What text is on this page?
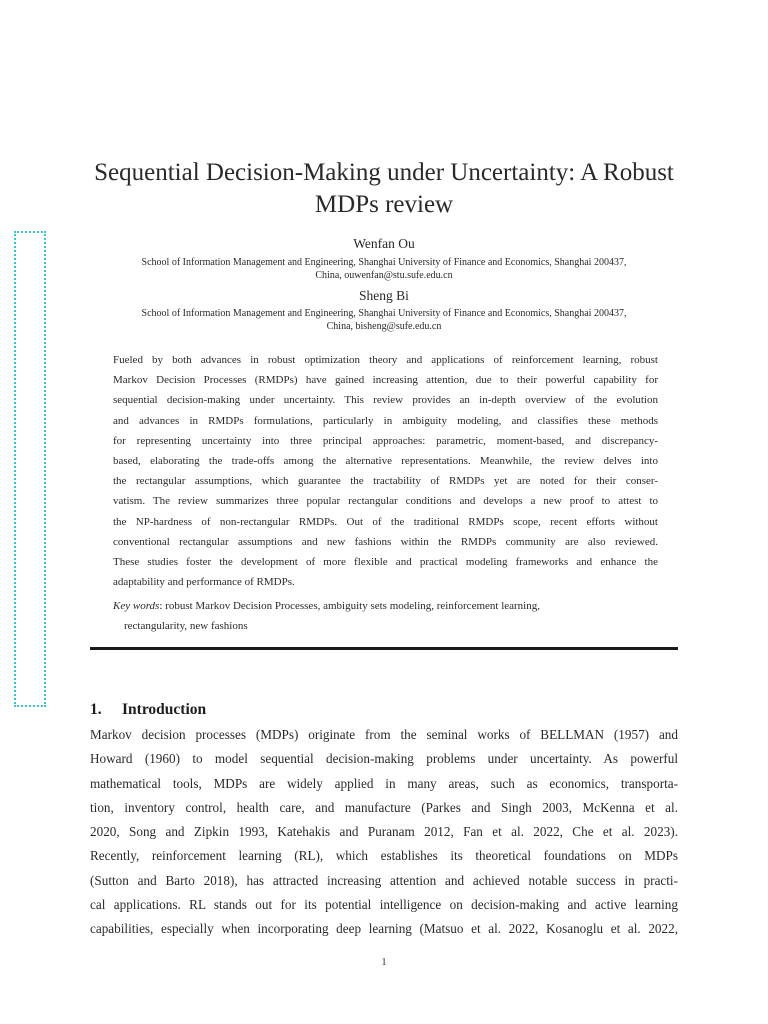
Sequential Decision-Making under Uncertainty: A Robust
MDPs review
Wenfan Ou
School of Information Management and Engineering, Shanghai University of Finance and Economics, Shanghai 200437,
China, ouwenfan@stu.sufe.edu.cn
Sheng Bi
School of Information Management and Engineering, Shanghai University of Finance and Economics, Shanghai 200437,
China, bisheng@sufe.edu.cn
Fueled by both advances in robust optimization theory and applications of reinforcement learning, robust
Markov Decision Processes (RMDPs) have gained increasing attention, due to their powerful capability for
sequential decision-making under uncertainty. This review provides an in-depth overview of the evolution
and advances in RMDPs formulations, particularly in ambiguity modeling, and classifies these methods
for representing uncertainty into three principal approaches: parametric, moment-based, and discrepancy-
based, elaborating the trade-offs among the alternative representations. Meanwhile, the review delves into
the rectangular assumptions, which guarantee the tractability of RMDPs yet are noted for their conser-
vatism. The review summarizes three popular rectangular conditions and develops a new proof to attest to
the NP-hardness of non-rectangular RMDPs. Out of the traditional RMDPs scope, recent efforts without
conventional rectangular assumptions and new fashions within the RMDPs community are also reviewed.
These studies foster the development of more flexible and practical modeling frameworks and enhance the
adaptability and performance of RMDPs.
Key words: robust Markov Decision Processes, ambiguity sets modeling, reinforcement learning,
rectangularity, new fashions
1. Introduction
Markov decision processes (MDPs) originate from the seminal works of BELLMAN (1957) and
Howard (1960) to model sequential decision-making problems under uncertainty. As powerful
mathematical tools, MDPs are widely applied in many areas, such as economics, transporta-
tion, inventory control, health care, and manufacture (Parkes and Singh 2003, McKenna et al.
2020, Song and Zipkin 1993, Katehakis and Puranam 2012, Fan et al. 2022, Che et al. 2023).
Recently, reinforcement learning (RL), which establishes its theoretical foundations on MDPs
(Sutton and Barto 2018), has attracted increasing attention and achieved notable success in practi-
cal applications. RL stands out for its potential intelligence on decision-making and active learning
capabilities, especially when incorporating deep learning (Matsuo et al. 2022, Kosanoglu et al. 2022,
1
